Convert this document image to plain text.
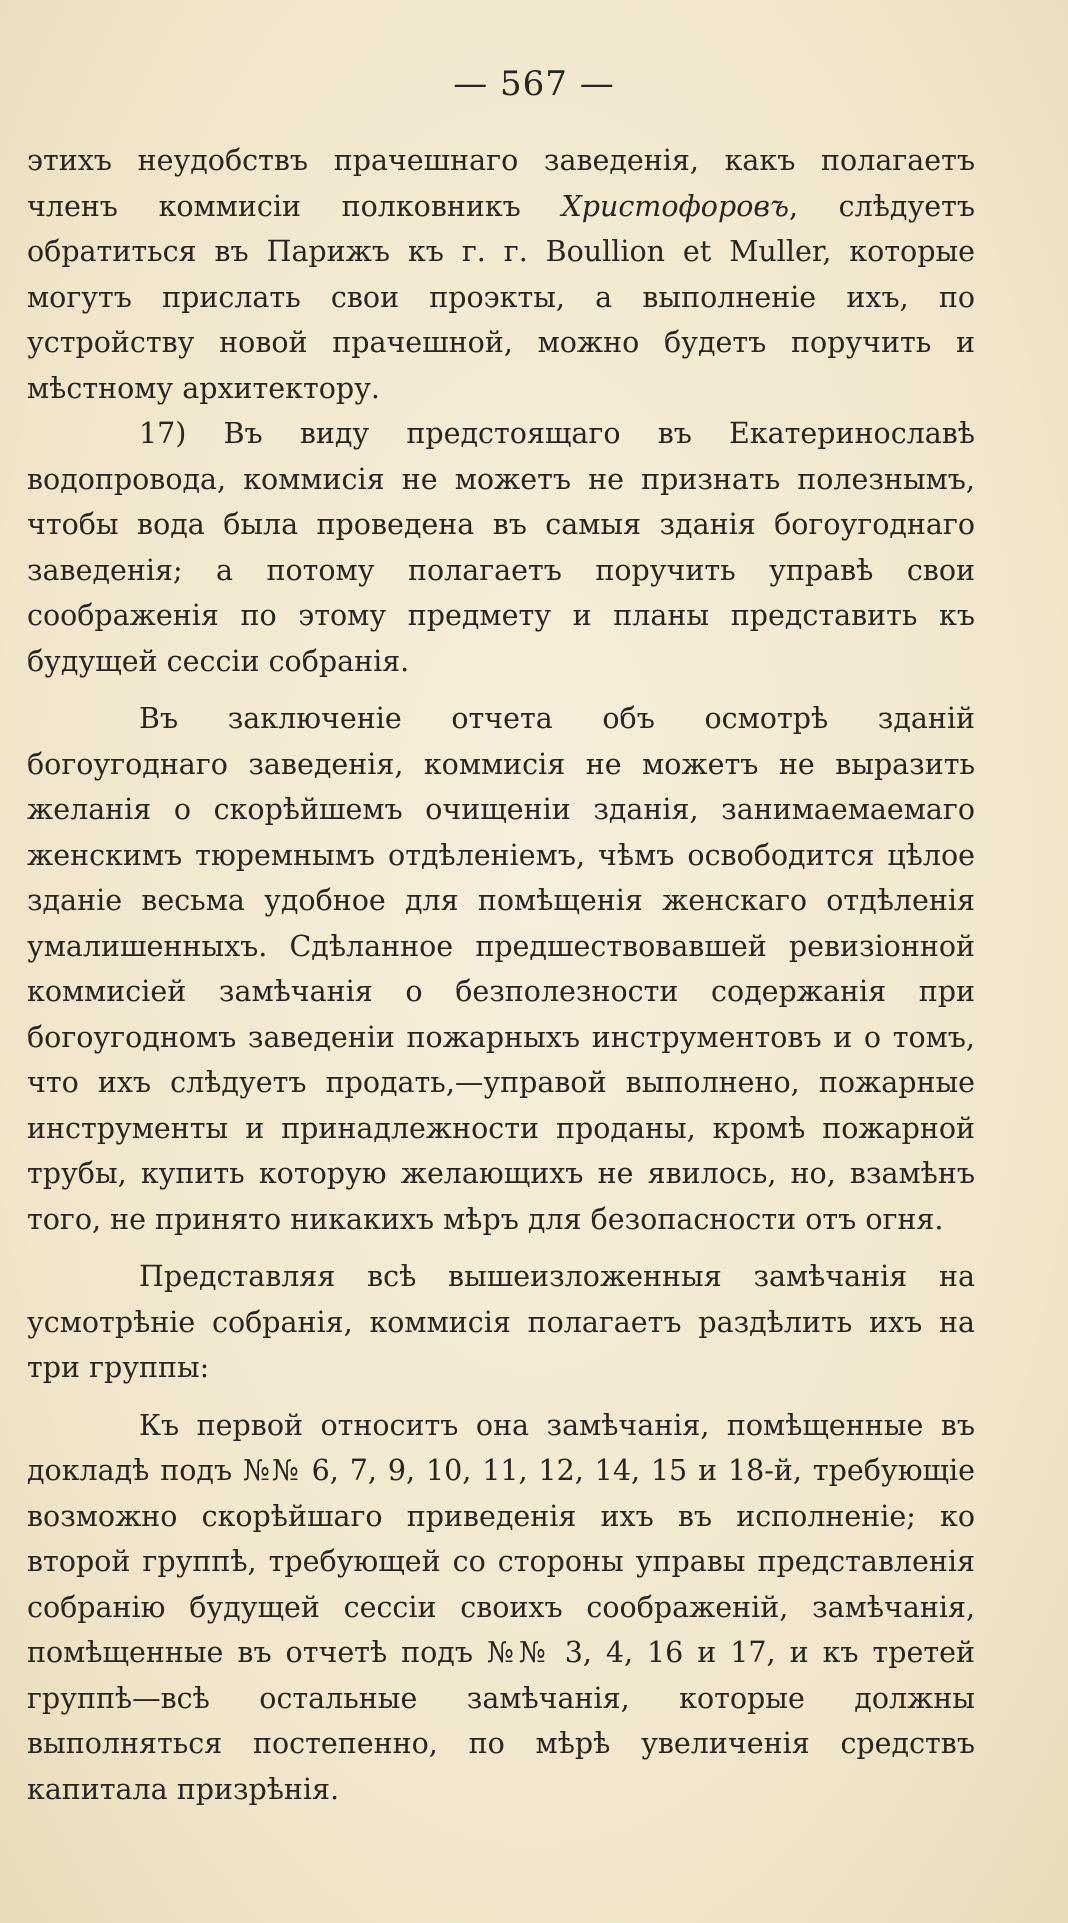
— 567 —

этихъ неудобствъ прачешнаго заведенія, какъ полагаетъ членъ коммисіи полковникъ Христофоровъ, слѣдуетъ обратиться въ Парижъ къ г. г. Boullion et Muller, которые могутъ прислать свои проэкты, а выполненіе ихъ, по устройству новой прачешной, можно будетъ поручить и мѣстному архитектору.

17) Въ виду предстоящаго въ Екатеринославѣ водопровода, коммисія не можетъ не признать полезнымъ, чтобы вода была проведена въ самыя зданія богоугоднаго заведенія; а потому полагаетъ поручить управѣ свои соображенія по этому предмету и планы представить къ будущей сессіи собранія.

Въ заключеніе отчета объ осмотрѣ зданій богоугоднаго заведенія, коммисія не можетъ не выразить желанія о скорѣйшемъ очищеніи зданія, занимаемаемаго женскимъ тюремнымъ отдѣленіемъ, чѣмъ освободится цѣлое зданіе весьма удобное для помѣщенія женскаго отдѣленія умалишенныхъ. Сдѣланное предшествовавшей ревизіонной коммисіей замѣчанія о безполезности содержанія при богоугодномъ заведеніи пожарныхъ инструментовъ и о томъ, что ихъ слѣдуетъ продать,—управой выполнено, пожарные инструменты и принадлежности проданы, кромѣ пожарной трубы, купить которую желающихъ не явилось, но, взамѣнъ того, не принято никакихъ мѣръ для безопасности отъ огня.

Представляя всѣ вышеизложенныя замѣчанія на усмотрѣніе собранія, коммисія полагаетъ раздѣлить ихъ на три группы:

Къ первой относитъ она замѣчанія, помѣщенные въ докладѣ подъ №№ 6, 7, 9, 10, 11, 12, 14, 15 и 18-й, требующіе возможно скорѣйшаго приведенія ихъ въ исполненіе; ко второй группѣ, требующей со стороны управы представленія собранію будущей сессіи своихъ соображеній, замѣчанія, помѣщенные въ отчетѣ подъ №№ 3, 4, 16 и 17, и къ третей группѣ—всѣ остальные замѣчанія, которые должны выполняться постепенно, по мѣрѣ увеличенія средствъ капитала призрѣнія.
